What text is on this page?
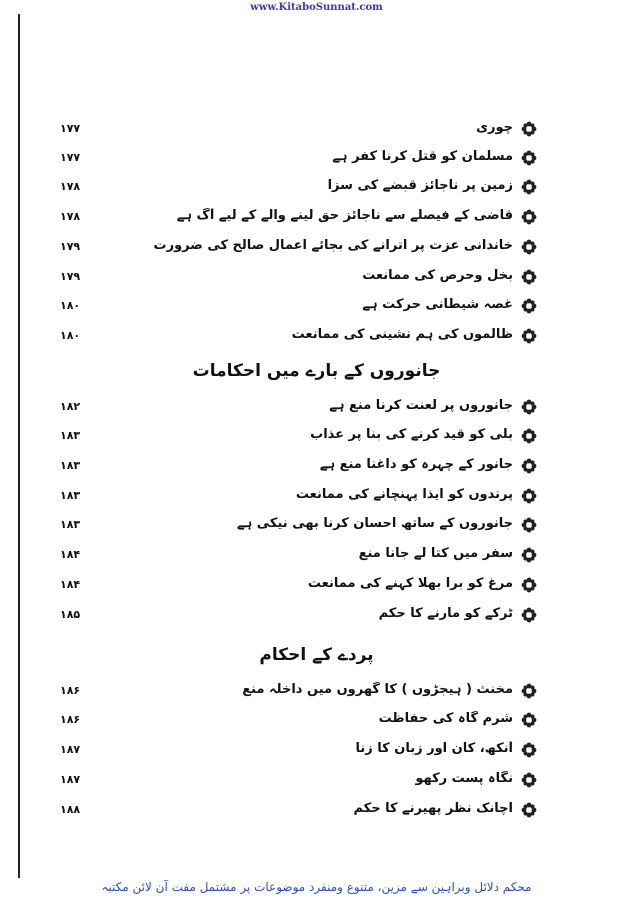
www.KitaboSunnat.com
۱۷۷	چوری
۱۷۷	مسلمان کو قتل کرنا کفر ہے
۱۷۸	زمین پر ناجائز قبضے کی سزا
۱۷۸	قاضی کے فیصلے سے ناجائز حق لینے والے کے لیے آگ ہے
۱۷۹	خاندانی عزت پر اترانے کی بجائے اعمال صالح کی ضرورت
۱۷۹	بخل وحرص کی ممانعت
۱۸۰	غصہ شیطانی حرکت ہے
۱۸۰	ظالموں کی ہم نشینی کی ممانعت
جانوروں کے بارے میں احکامات
۱۸۲	جانوروں پر لعنت کرنا منع ہے
۱۸۳	بلی کو قید کرنے کی بنا پر عذاب
۱۸۳	جانور کے چہرہ کو داغنا منع ہے
۱۸۳	پرندوں کو ایذا پہنچانے کی ممانعت
۱۸۳	جانوروں کے ساتھ احسان کرنا بھی نیکی ہے
۱۸۴	سفر میں کتا لے جانا منع
۱۸۴	مرغ کو برا بھلا کہنے کی ممانعت
۱۸۵	ٹرکے کو مارنے کا حکم
پردے کے احکام
۱۸۶	مخنث ( ہیجڑوں ) کا گھروں میں داخلہ منع
۱۸۶	شرم گاہ کی حفاظت
۱۸۷	آنکھ، کان اور زبان کا زنا
۱۸۷	نگاہ پست رکھو
۱۸۸	اچانک نظر پھیرنے کا حکم
محکم دلائل وبراہین سے مزین، متنوع ومنفرد موضوعات پر مشتمل مفت آن لائن مکتبہ
